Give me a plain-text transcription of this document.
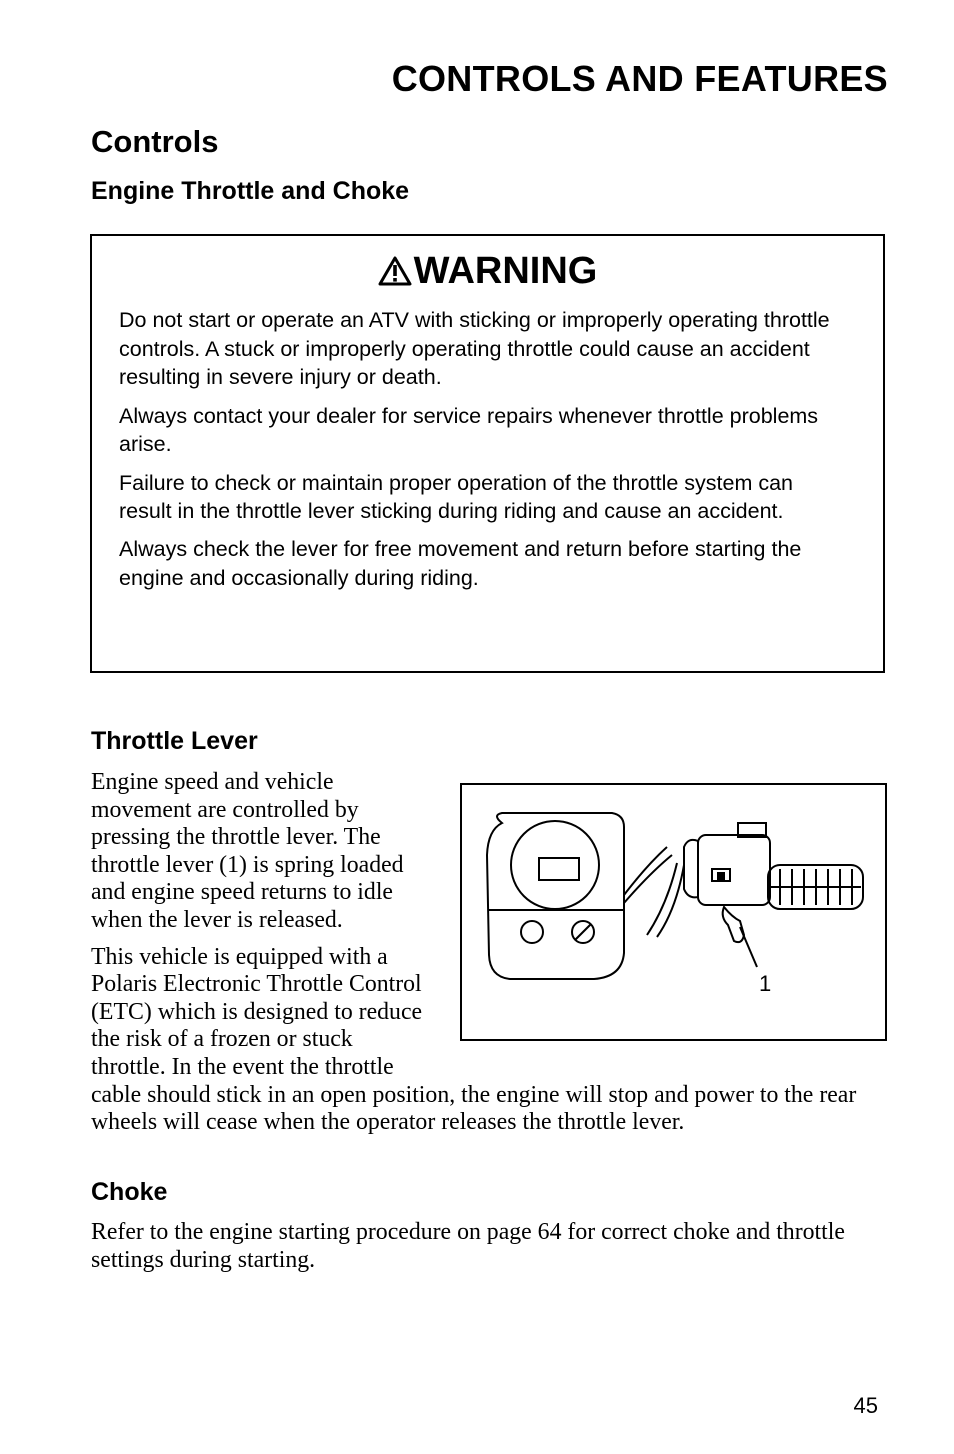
CONTROLS AND FEATURES
Controls
Engine Throttle and Choke
WARNING

Do not start or operate an ATV with sticking or improperly operating throttle controls. A stuck or improperly operating throttle could cause an accident resulting in severe injury or death.

Always contact your dealer for service repairs whenever throttle problems arise.

Failure to check or maintain proper operation of the throttle system can result in the throttle lever sticking during riding and cause an accident.

Always check the lever for free movement and return before starting the engine and occasionally during riding.

Throttle Lever

Engine speed and vehicle movement are controlled by pressing the throttle lever. The throttle lever (1) is spring loaded and engine speed returns to idle when the lever is released.

This vehicle is equipped with a Polaris Electronic Throttle Control (ETC) which is designed to reduce the risk of a frozen or stuck throttle. In the event the throttle cable should stick in an open position, the engine will stop and power to the rear wheels will cease when the operator releases the throttle lever.

1
Choke

Refer to the engine starting procedure on page 64 for correct choke and throttle settings during starting.

45
